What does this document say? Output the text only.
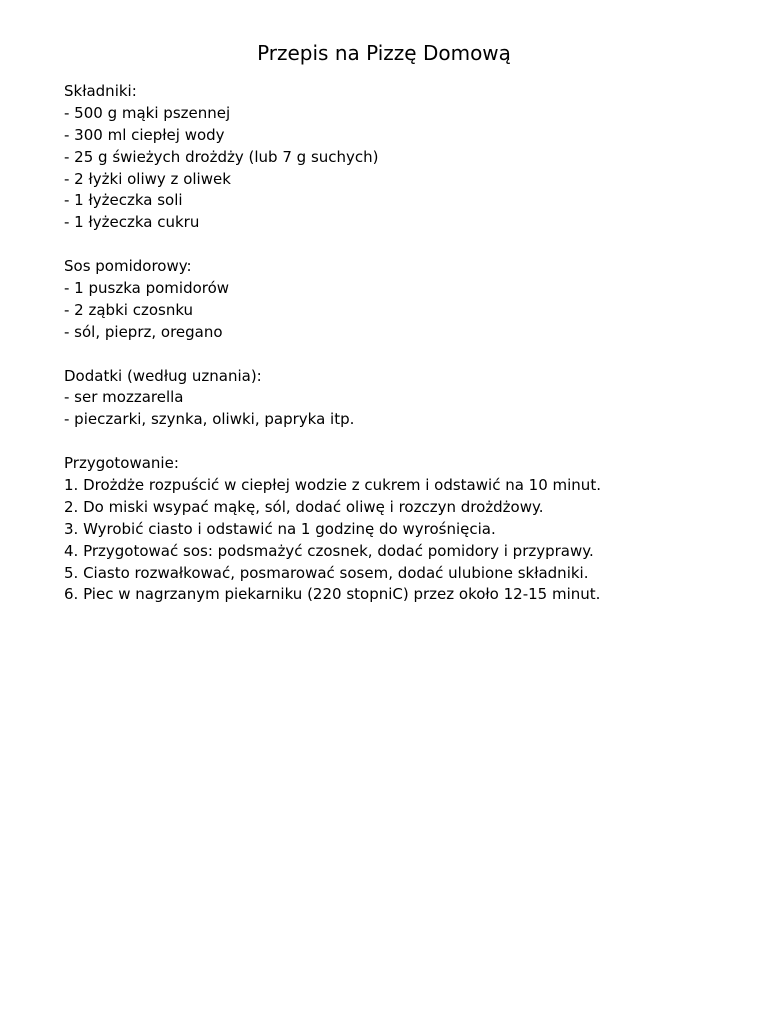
Przepis na Pizzę Domową
Składniki:
- 500 g mąki pszennej
- 300 ml ciepłej wody
- 25 g świeżych drożdży (lub 7 g suchych)
- 2 łyżki oliwy z oliwek
- 1 łyżeczka soli
- 1 łyżeczka cukru
Sos pomidorowy:
- 1 puszka pomidorów
- 2 ząbki czosnku
- sól, pieprz, oregano
Dodatki (według uznania):
- ser mozzarella
- pieczarki, szynka, oliwki, papryka itp.
Przygotowanie:
1. Drożdże rozpuścić w ciepłej wodzie z cukrem i odstawić na 10 minut.
2. Do miski wsypać mąkę, sól, dodać oliwę i rozczyn drożdżowy.
3. Wyrobić ciasto i odstawić na 1 godzinę do wyrośnięcia.
4. Przygotować sos: podsmażyć czosnek, dodać pomidory i przyprawy.
5. Ciasto rozwałkować, posmarować sosem, dodać ulubione składniki.
6. Piec w nagrzanym piekarniku (220 stopniC) przez około 12-15 minut.
